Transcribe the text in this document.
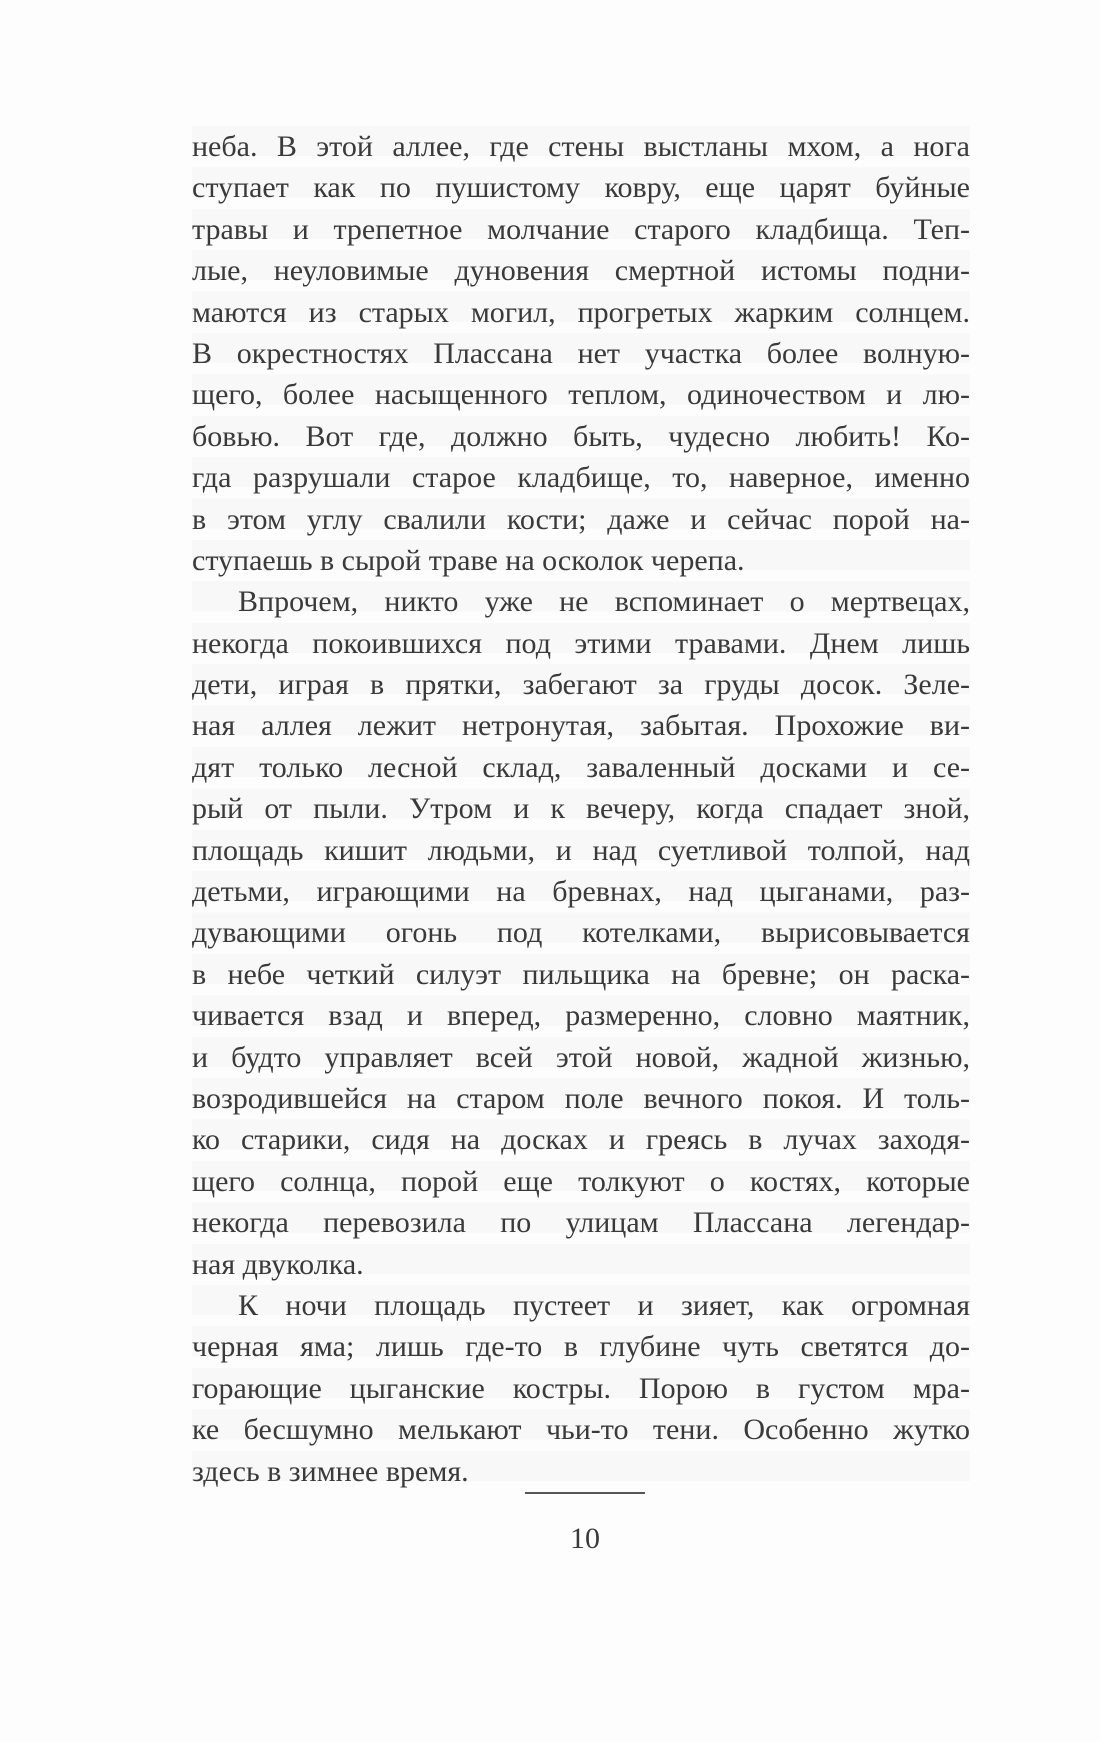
неба. В этой аллее, где стены выстланы мхом, а нога
ступает как по пушистому ковру, еще царят буйные
травы и трепетное молчание старого кладбища. Теп-
лые, неуловимые дуновения смертной истомы подни-
маются из старых могил, прогретых жарким солнцем.
В окрестностях Плассана нет участка более волную-
щего, более насыщенного теплом, одиночеством и лю-
бовью. Вот где, должно быть, чудесно любить! Ко-
гда разрушали старое кладбище, то, наверное, именно
в этом углу свалили кости; даже и сейчас порой на-
ступаешь в сырой траве на осколок черепа.
Впрочем, никто уже не вспоминает о мертвецах,
некогда покоившихся под этими травами. Днем лишь
дети, играя в прятки, забегают за груды досок. Зеле-
ная аллея лежит нетронутая, забытая. Прохожие ви-
дят только лесной склад, заваленный досками и се-
рый от пыли. Утром и к вечеру, когда спадает зной,
площадь кишит людьми, и над суетливой толпой, над
детьми, играющими на бревнах, над цыганами, раз-
дувающими огонь под котелками, вырисовывается
в небе четкий силуэт пильщика на бревне; он раска-
чивается взад и вперед, размеренно, словно маятник,
и будто управляет всей этой новой, жадной жизнью,
возродившейся на старом поле вечного покоя. И толь-
ко старики, сидя на досках и греясь в лучах заходя-
щего солнца, порой еще толкуют о костях, которые
некогда перевозила по улицам Плассана легендар-
ная двуколка.
К ночи площадь пустеет и зияет, как огромная
черная яма; лишь где-то в глубине чуть светятся до-
горающие цыганские костры. Порою в густом мра-
ке бесшумно мелькают чьи-то тени. Особенно жутко
здесь в зимнее время.
10
